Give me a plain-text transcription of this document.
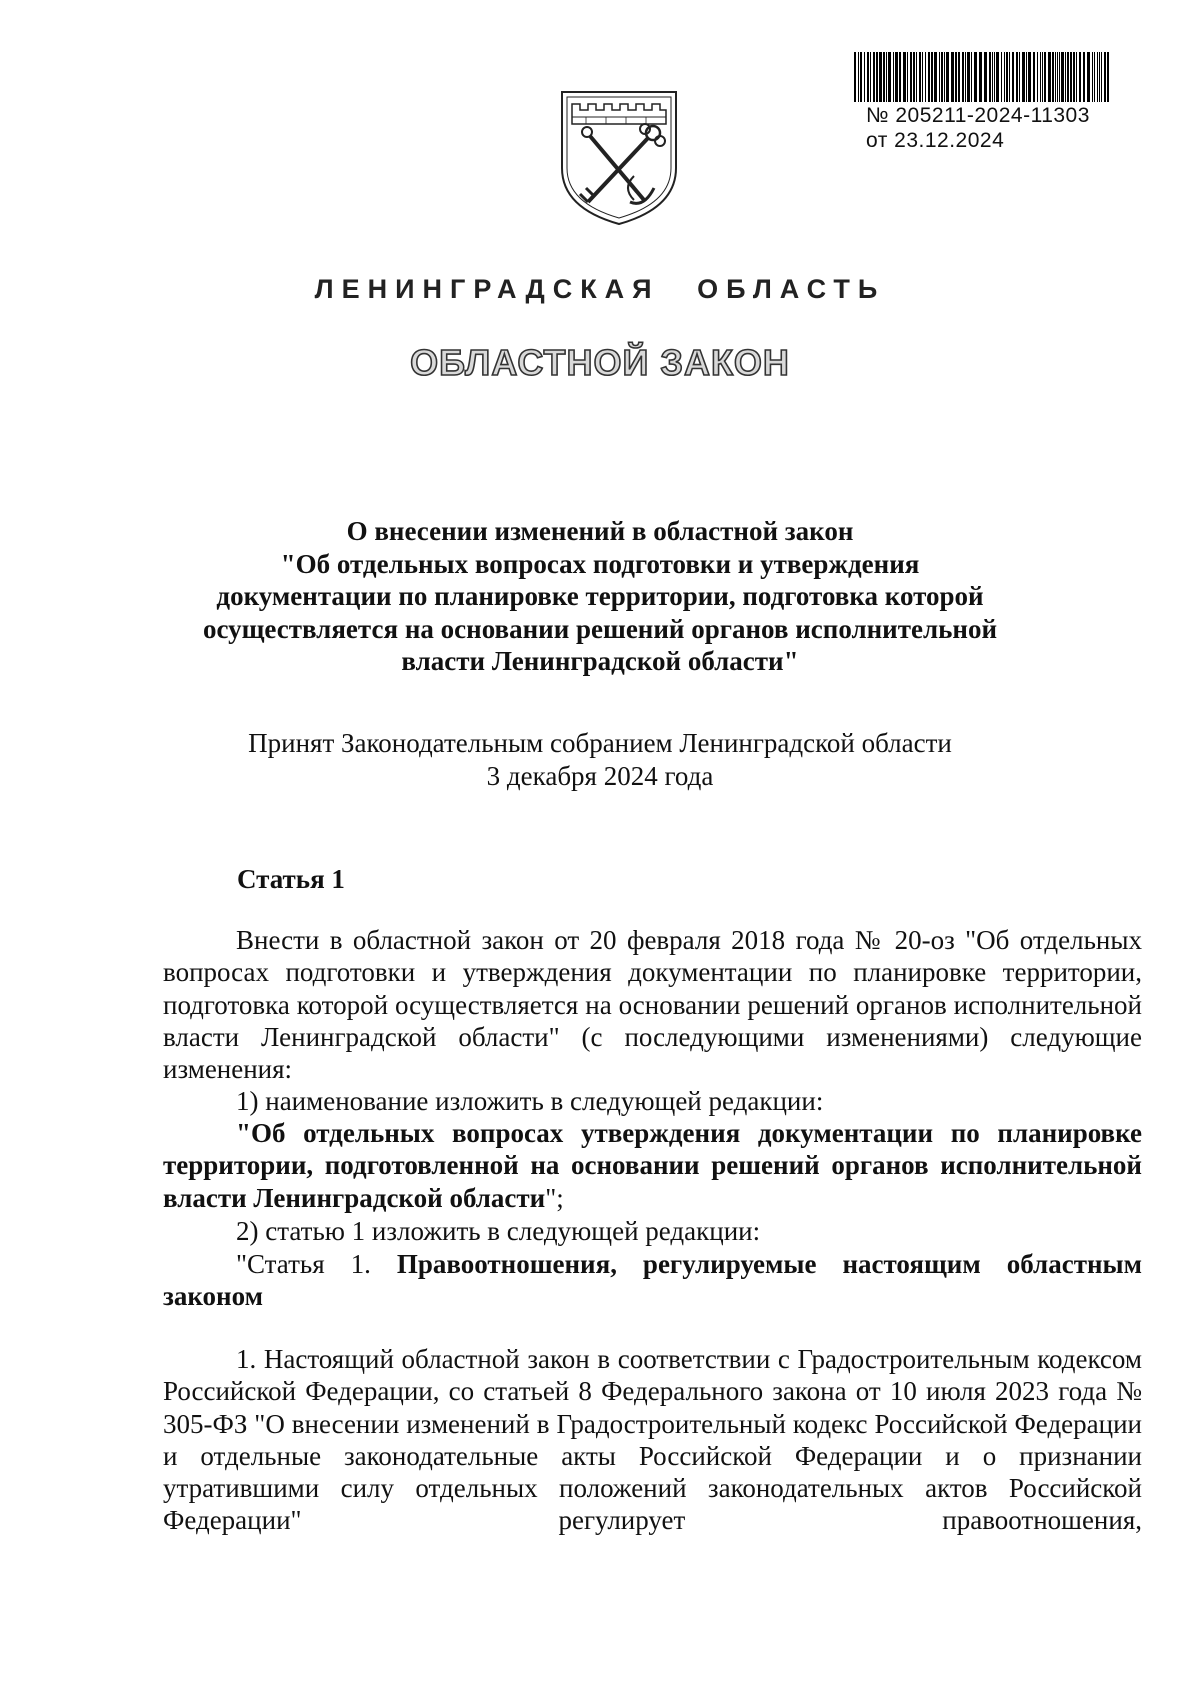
№ 205211-2024-11303
от 23.12.2024
ЛЕНИНГРАДСКАЯ ОБЛАСТЬ
ОБЛАСТНОЙ ЗАКОН
О внесении изменений в областной закон
"Об отдельных вопросах подготовки и утверждения
документации по планировке территории, подготовка которой
осуществляется на основании решений органов исполнительной
власти Ленинградской области"
Принят Законодательным собранием Ленинградской области
3 декабря 2024 года
Статья 1
Внести в областной закон от 20 февраля 2018 года № 20-оз "Об отдельных вопросах подготовки и утверждения документации по планировке территории, подготовка которой осуществляется на основании решений органов исполнительной власти Ленинградской области" (с последующими изменениями) следующие изменения:
1) наименование изложить в следующей редакции:
"Об отдельных вопросах утверждения документации по планировке территории, подготовленной на основании решений органов исполнительной власти Ленинградской области";
2) статью 1 изложить в следующей редакции:
"Статья 1. Правоотношения, регулируемые настоящим областным законом
1. Настоящий областной закон в соответствии с Градостроительным кодексом Российской Федерации, со статьей 8 Федерального закона от 10 июля 2023 года № 305-ФЗ "О внесении изменений в Градостроительный кодекс Российской Федерации и отдельные законодательные акты Российской Федерации и о признании утратившими силу отдельных положений законодательных актов Российской Федерации" регулирует правоотношения,
